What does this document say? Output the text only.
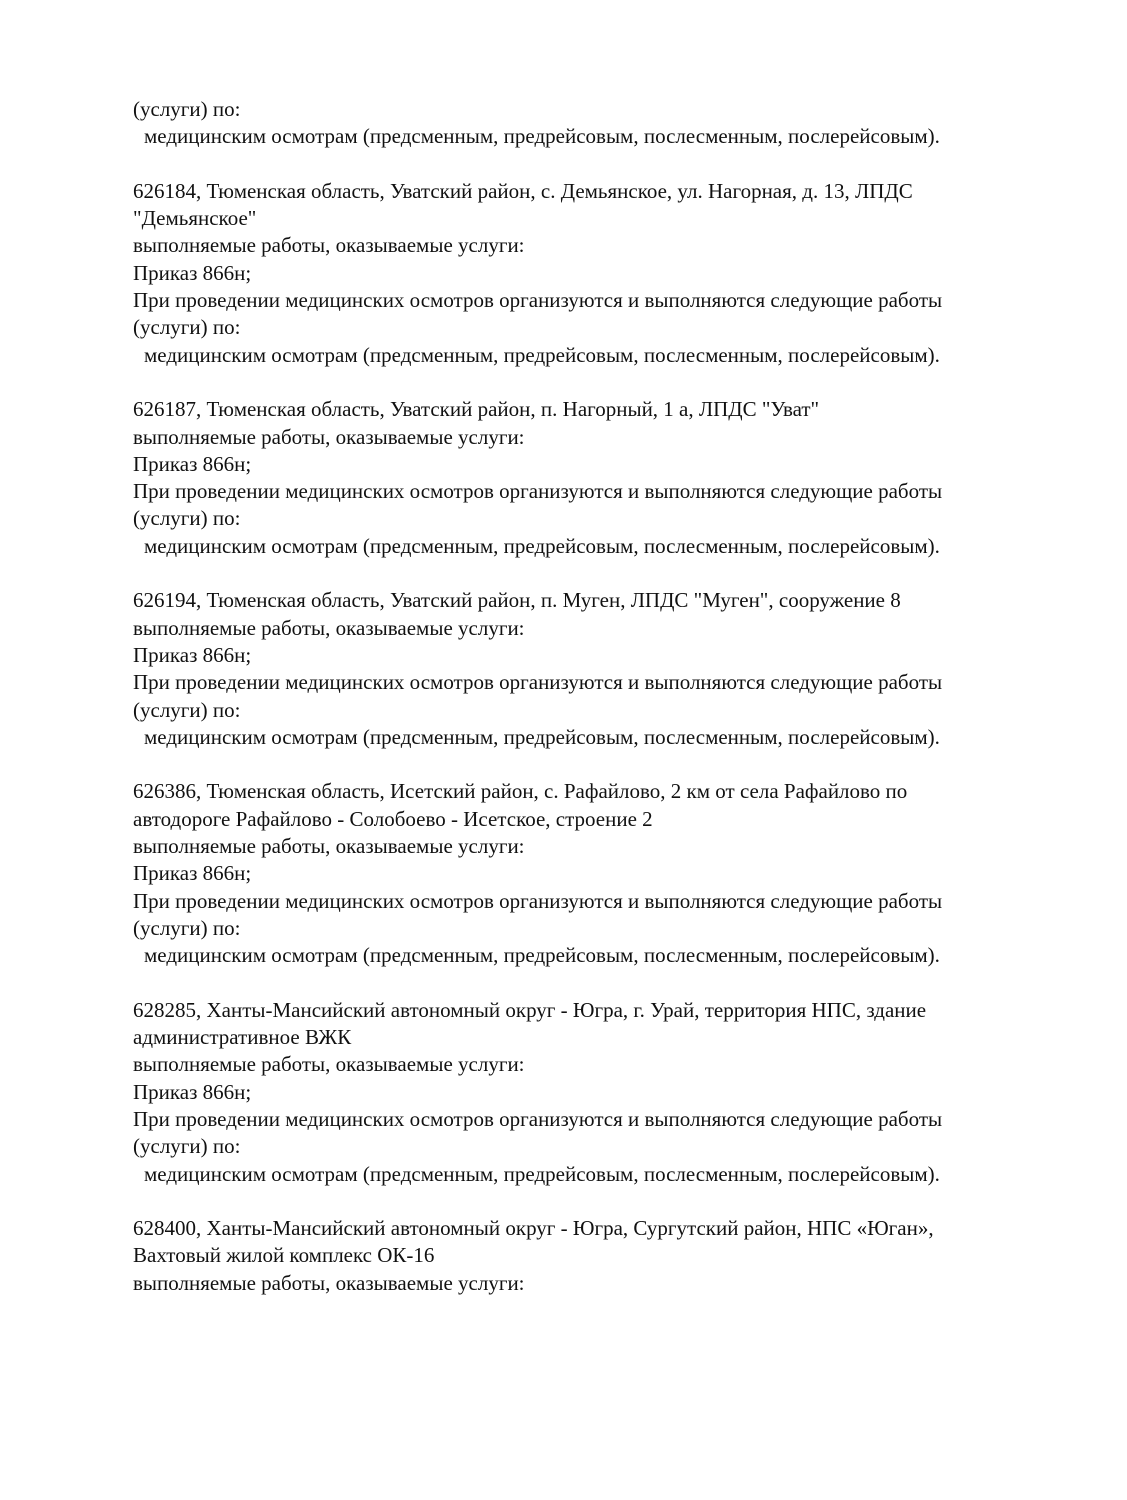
(услуги) по:
медицинским осмотрам (предсменным, предрейсовым, послесменным, послерейсовым).
626184, Тюменская область, Уватский район, с. Демьянское, ул. Нагорная, д. 13, ЛПДС
"Демьянское"
выполняемые работы, оказываемые услуги:
Приказ 866н;
При проведении медицинских осмотров организуются и выполняются следующие работы
(услуги) по:
медицинским осмотрам (предсменным, предрейсовым, послесменным, послерейсовым).
626187, Тюменская область, Уватский район, п. Нагорный, 1 а, ЛПДС "Уват"
выполняемые работы, оказываемые услуги:
Приказ 866н;
При проведении медицинских осмотров организуются и выполняются следующие работы
(услуги) по:
медицинским осмотрам (предсменным, предрейсовым, послесменным, послерейсовым).
626194, Тюменская область, Уватский район, п. Муген, ЛПДС "Муген", сооружение 8
выполняемые работы, оказываемые услуги:
Приказ 866н;
При проведении медицинских осмотров организуются и выполняются следующие работы
(услуги) по:
медицинским осмотрам (предсменным, предрейсовым, послесменным, послерейсовым).
626386, Тюменская область, Исетский район, с. Рафайлово, 2 км от села Рафайлово по
автодороге Рафайлово - Солобоево - Исетское, строение 2
выполняемые работы, оказываемые услуги:
Приказ 866н;
При проведении медицинских осмотров организуются и выполняются следующие работы
(услуги) по:
медицинским осмотрам (предсменным, предрейсовым, послесменным, послерейсовым).
628285, Ханты-Мансийский автономный округ - Югра, г. Урай, территория НПС, здание
административное ВЖК
выполняемые работы, оказываемые услуги:
Приказ 866н;
При проведении медицинских осмотров организуются и выполняются следующие работы
(услуги) по:
медицинским осмотрам (предсменным, предрейсовым, послесменным, послерейсовым).
628400, Ханты-Мансийский автономный округ - Югра, Сургутский район, НПС «Юган»,
Вахтовый жилой комплекс ОК-16
выполняемые работы, оказываемые услуги:
